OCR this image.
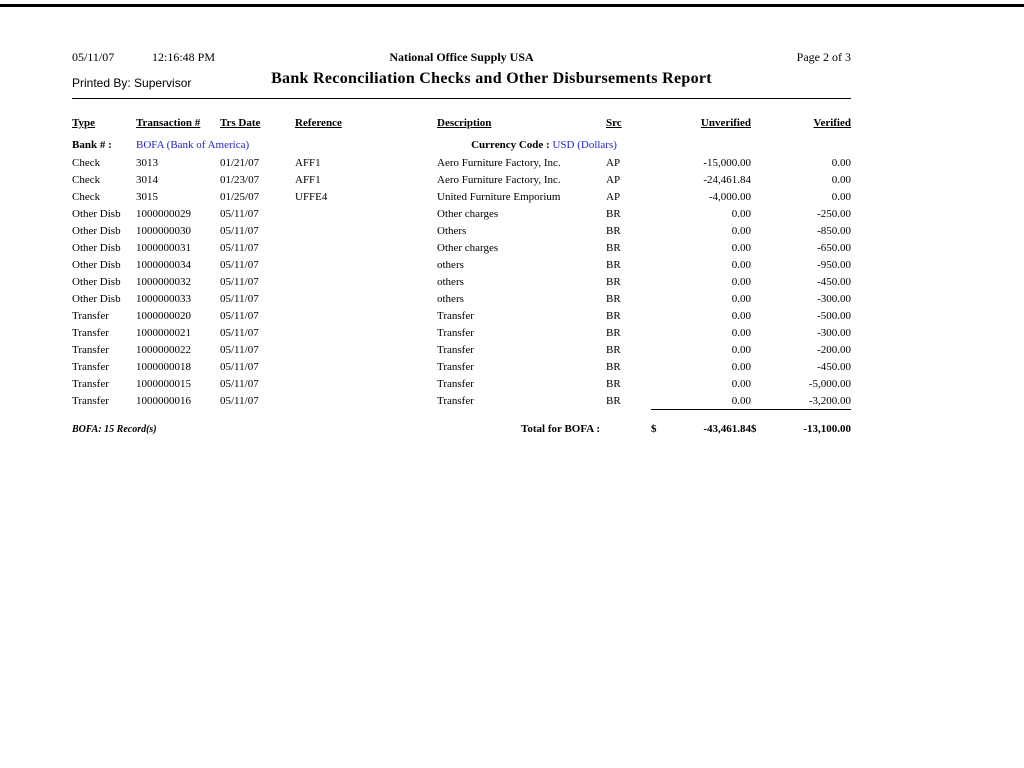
05/11/07	12:16:48 PM	National Office Supply USA	Page 2 of 3
Printed By: Supervisor	Bank Reconciliation Checks and Other Disbursements Report
Type	Transaction #	Trs Date	Reference	Description	Src	Unverified	Verified
Bank # :	BOFA (Bank of America)			Currency Code : USD (Dollars)			
Check	3013	01/21/07	AFF1	Aero Furniture Factory, Inc.	AP	-15,000.00	0.00
Check	3014	01/23/07	AFF1	Aero Furniture Factory, Inc.	AP	-24,461.84	0.00
Check	3015	01/25/07	UFFE4	United Furniture Emporium	AP	-4,000.00	0.00
Other Disb	1000000029	05/11/07		Other charges	BR	0.00	-250.00
Other Disb	1000000030	05/11/07		Others	BR	0.00	-850.00
Other Disb	1000000031	05/11/07		Other charges	BR	0.00	-650.00
Other Disb	1000000034	05/11/07		others	BR	0.00	-950.00
Other Disb	1000000032	05/11/07		others	BR	0.00	-450.00
Other Disb	1000000033	05/11/07		others	BR	0.00	-300.00
Transfer	1000000020	05/11/07		Transfer	BR	0.00	-500.00
Transfer	1000000021	05/11/07		Transfer	BR	0.00	-300.00
Transfer	1000000022	05/11/07		Transfer	BR	0.00	-200.00
Transfer	1000000018	05/11/07		Transfer	BR	0.00	-450.00
Transfer	1000000015	05/11/07		Transfer	BR	0.00	-5,000.00
Transfer	1000000016	05/11/07		Transfer	BR	0.00	-3,200.00
BOFA: 15 Record(s)				Total for BOFA :		$ -43,461.84	$ -13,100.00
